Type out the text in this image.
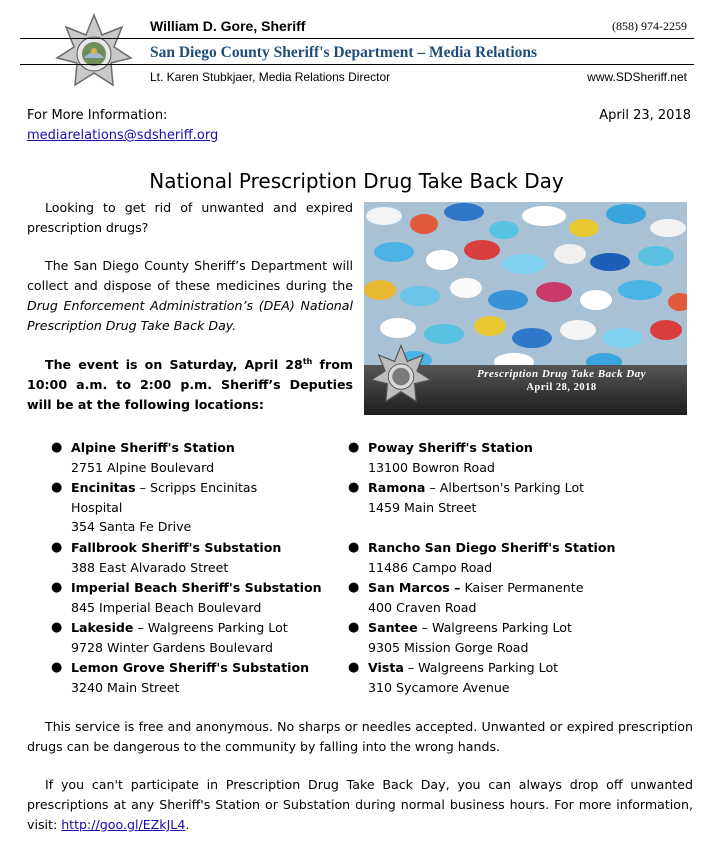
William D. Gore, Sheriff	(858) 974-2259
San Diego County Sheriff's Department – Media Relations
Lt. Karen Stubkjaer, Media Relations Director	www.SDSheriff.net
For More Information:
mediarelations@sdsheriff.org
April 23, 2018
National Prescription Drug Take Back Day
Looking to get rid of unwanted and expired prescription drugs?
The San Diego County Sheriff’s Department will collect and dispose of these medicines during the Drug Enforcement Administration’s (DEA) National Prescription Drug Take Back Day.
The event is on Saturday, April 28th from 10:00 a.m. to 2:00 p.m. Sheriff’s Deputies will be at the following locations:
Prescription Drug Take Back Day
April 28, 2018
● Alpine Sheriff's Station
2751 Alpine Boulevard
● Encinitas – Scripps Encinitas Hospital
354 Santa Fe Drive
● Fallbrook Sheriff's Substation
388 East Alvarado Street
● Imperial Beach Sheriff's Substation
845 Imperial Beach Boulevard
● Lakeside – Walgreens Parking Lot
9728 Winter Gardens Boulevard
● Lemon Grove Sheriff's Substation
3240 Main Street
● Poway Sheriff's Station
13100 Bowron Road
● Ramona – Albertson's Parking Lot
1459 Main Street
● Rancho San Diego Sheriff's Station
11486 Campo Road
● San Marcos – Kaiser Permanente
400 Craven Road
● Santee – Walgreens Parking Lot
9305 Mission Gorge Road
● Vista – Walgreens Parking Lot
310 Sycamore Avenue
This service is free and anonymous. No sharps or needles accepted. Unwanted or expired prescription drugs can be dangerous to the community by falling into the wrong hands.
If you can't participate in Prescription Drug Take Back Day, you can always drop off unwanted prescriptions at any Sheriff's Station or Substation during normal business hours. For more information, visit: http://goo.gl/EZkJL4.
